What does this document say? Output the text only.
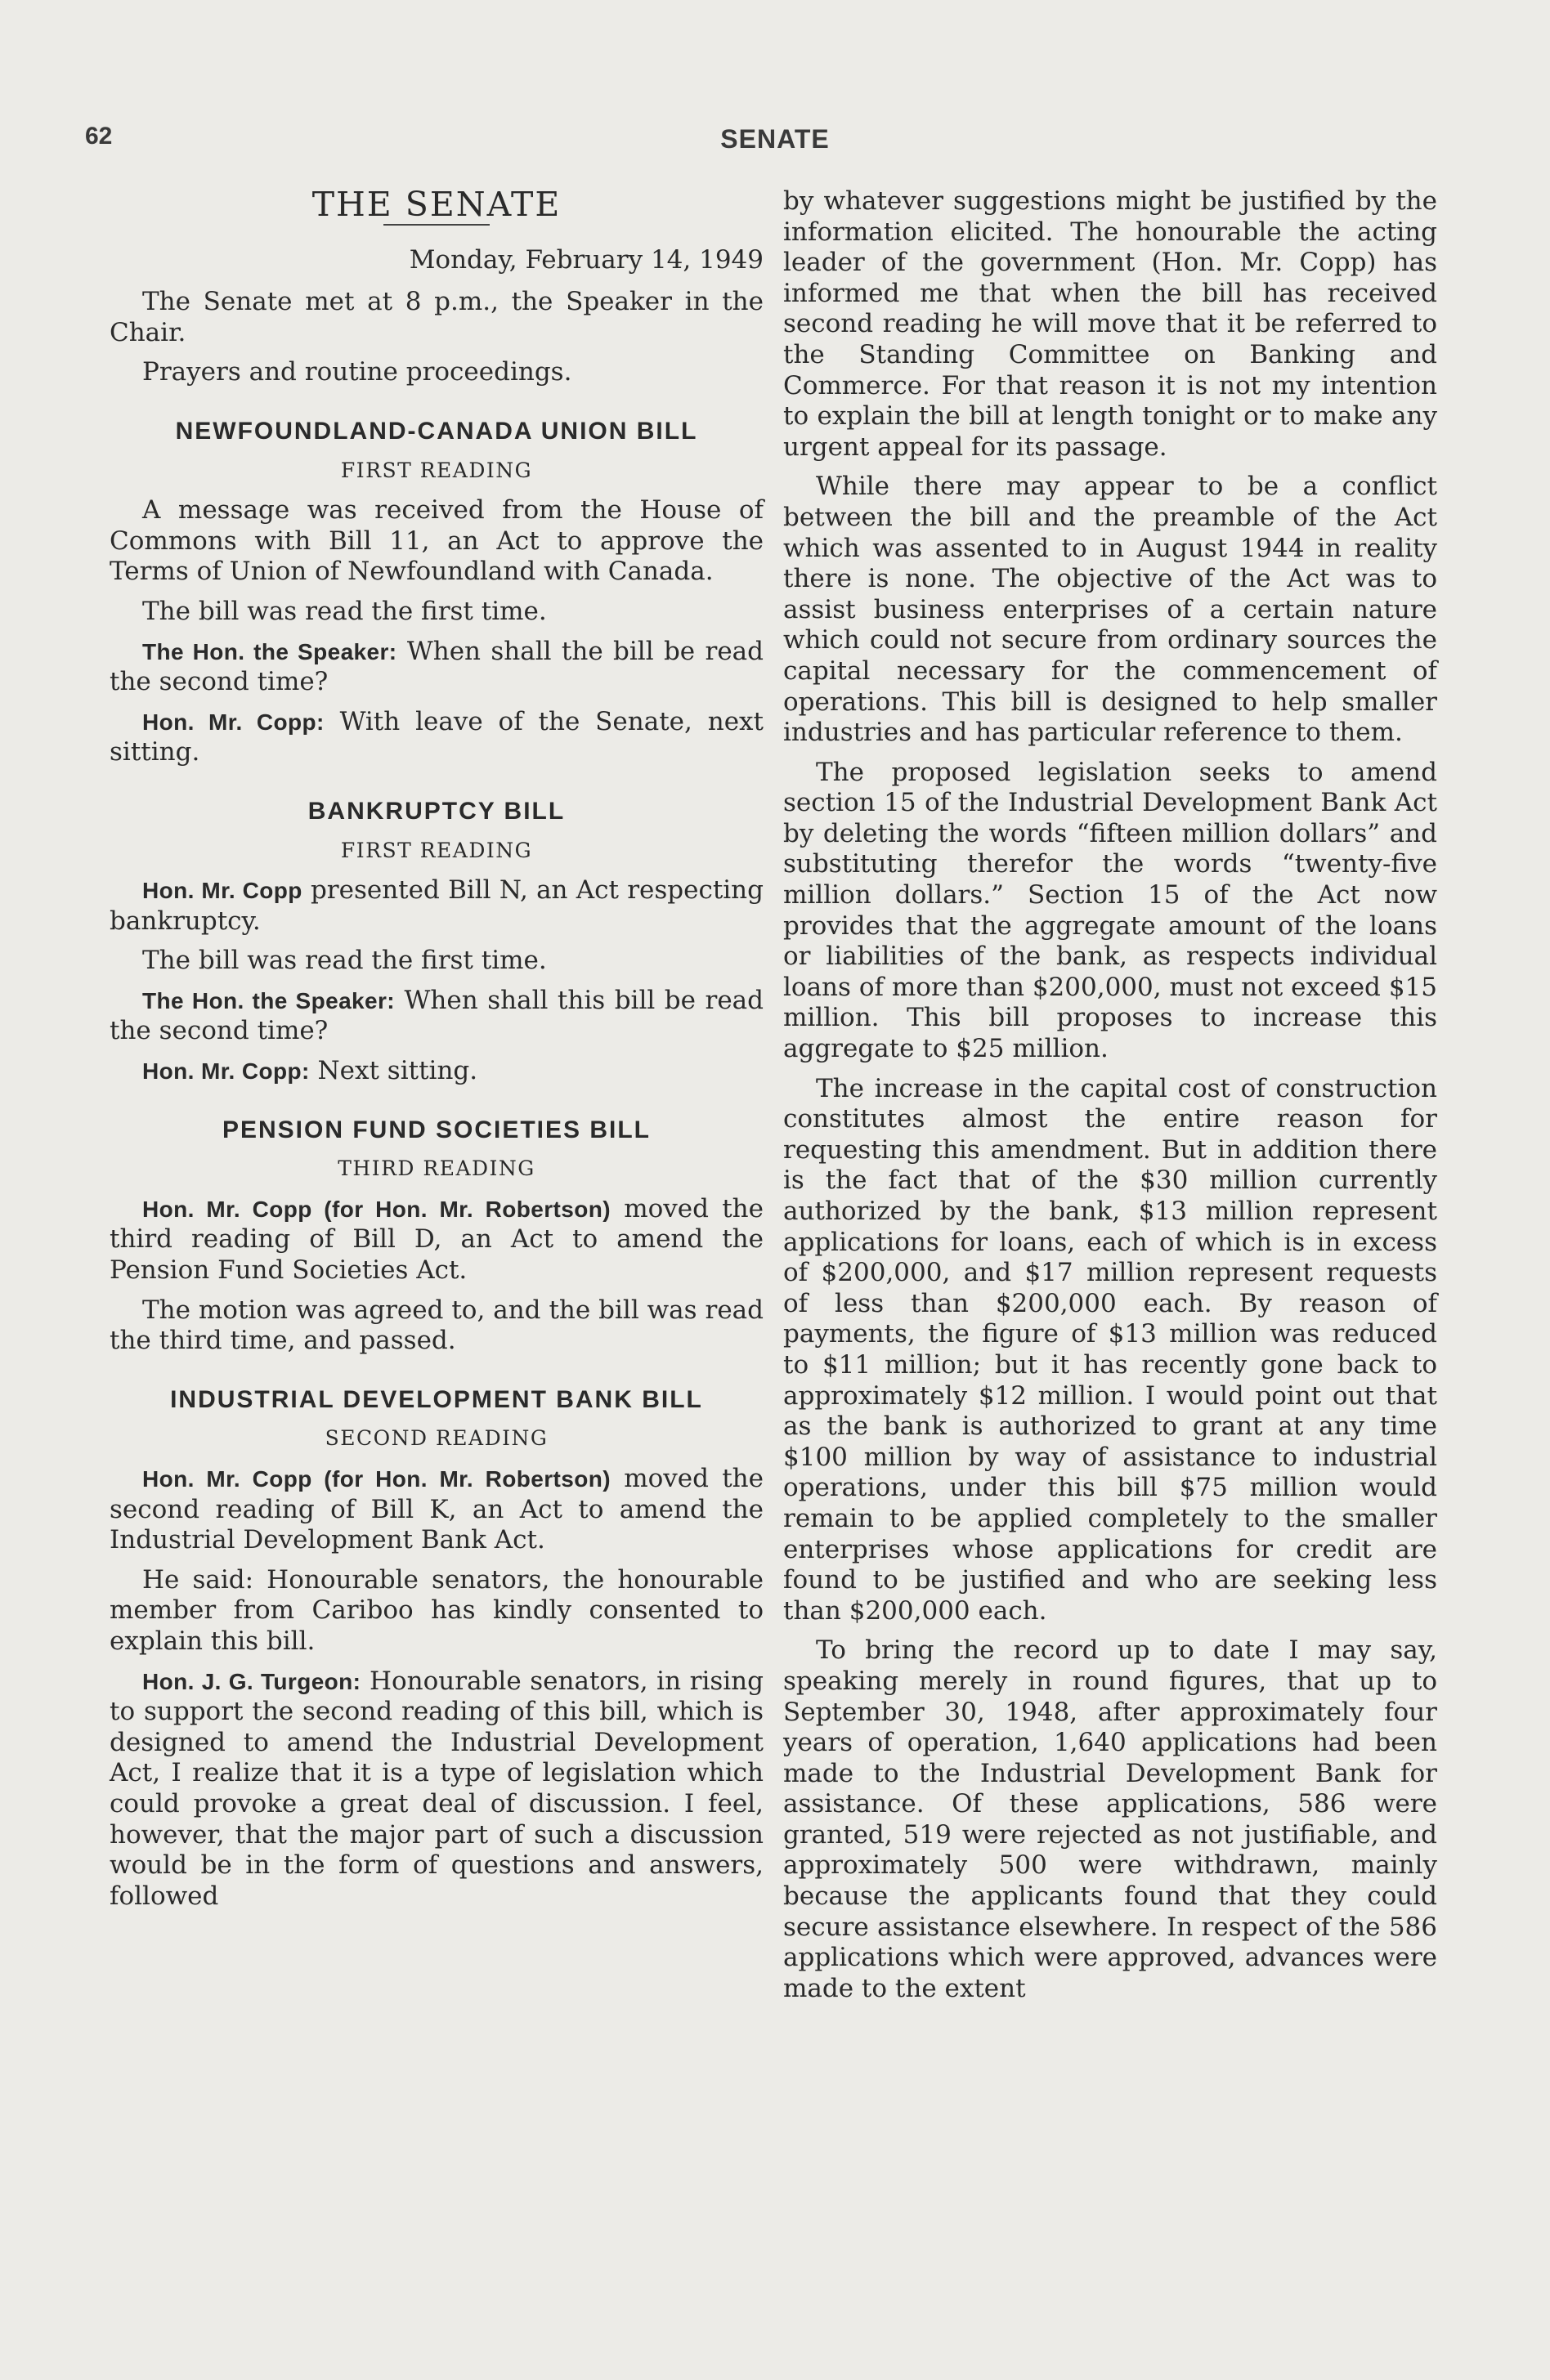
62	SENATE
THE SENATE
Monday, February 14, 1949

The Senate met at 8 p.m., the Speaker in the Chair.

Prayers and routine proceedings.

NEWFOUNDLAND-CANADA UNION BILL
FIRST READING

A message was received from the House of Commons with Bill 11, an Act to approve the Terms of Union of Newfoundland with Canada.

The bill was read the first time.

The Hon. the Speaker: When shall the bill be read the second time?

Hon. Mr. Copp: With leave of the Senate, next sitting.

BANKRUPTCY BILL
FIRST READING

Hon. Mr. Copp presented Bill N, an Act respecting bankruptcy.

The bill was read the first time.

The Hon. the Speaker: When shall this bill be read the second time?

Hon. Mr. Copp: Next sitting.

PENSION FUND SOCIETIES BILL
THIRD READING

Hon. Mr. Copp (for Hon. Mr. Robertson) moved the third reading of Bill D, an Act to amend the Pension Fund Societies Act.

The motion was agreed to, and the bill was read the third time, and passed.

INDUSTRIAL DEVELOPMENT BANK BILL
SECOND READING

Hon. Mr. Copp (for Hon. Mr. Robertson) moved the second reading of Bill K, an Act to amend the Industrial Development Bank Act.

He said: Honourable senators, the honourable member from Cariboo has kindly consented to explain this bill.

Hon. J. G. Turgeon: Honourable senators, in rising to support the second reading of this bill, which is designed to amend the Industrial Development Act, I realize that it is a type of legislation which could provoke a great deal of discussion. I feel, however, that the major part of such a discussion would be in the form of questions and answers, followed

by whatever suggestions might be justified by the information elicited. The honourable the acting leader of the government (Hon. Mr. Copp) has informed me that when the bill has received second reading he will move that it be referred to the Standing Committee on Banking and Commerce. For that reason it is not my intention to explain the bill at length tonight or to make any urgent appeal for its passage.

While there may appear to be a conflict between the bill and the preamble of the Act which was assented to in August 1944 in reality there is none. The objective of the Act was to assist business enterprises of a certain nature which could not secure from ordinary sources the capital necessary for the commencement of operations. This bill is designed to help smaller industries and has particular reference to them.

The proposed legislation seeks to amend section 15 of the Industrial Development Bank Act by deleting the words “fifteen million dollars” and substituting therefor the words “twenty-five million dollars.” Section 15 of the Act now provides that the aggregate amount of the loans or liabilities of the bank, as respects individual loans of more than $200,000, must not exceed $15 million. This bill proposes to increase this aggregate to $25 million.

The increase in the capital cost of construction constitutes almost the entire reason for requesting this amendment. But in addition there is the fact that of the $30 million currently authorized by the bank, $13 million represent applications for loans, each of which is in excess of $200,000, and $17 million represent requests of less than $200,000 each. By reason of payments, the figure of $13 million was reduced to $11 million; but it has recently gone back to approximately $12 million. I would point out that as the bank is authorized to grant at any time $100 million by way of assistance to industrial operations, under this bill $75 million would remain to be applied completely to the smaller enterprises whose applications for credit are found to be justified and who are seeking less than $200,000 each.

To bring the record up to date I may say, speaking merely in round figures, that up to September 30, 1948, after approximately four years of operation, 1,640 applications had been made to the Industrial Development Bank for assistance. Of these applications, 586 were granted, 519 were rejected as not justifiable, and approximately 500 were withdrawn, mainly because the applicants found that they could secure assistance elsewhere. In respect of the 586 applications which were approved, advances were made to the extent
